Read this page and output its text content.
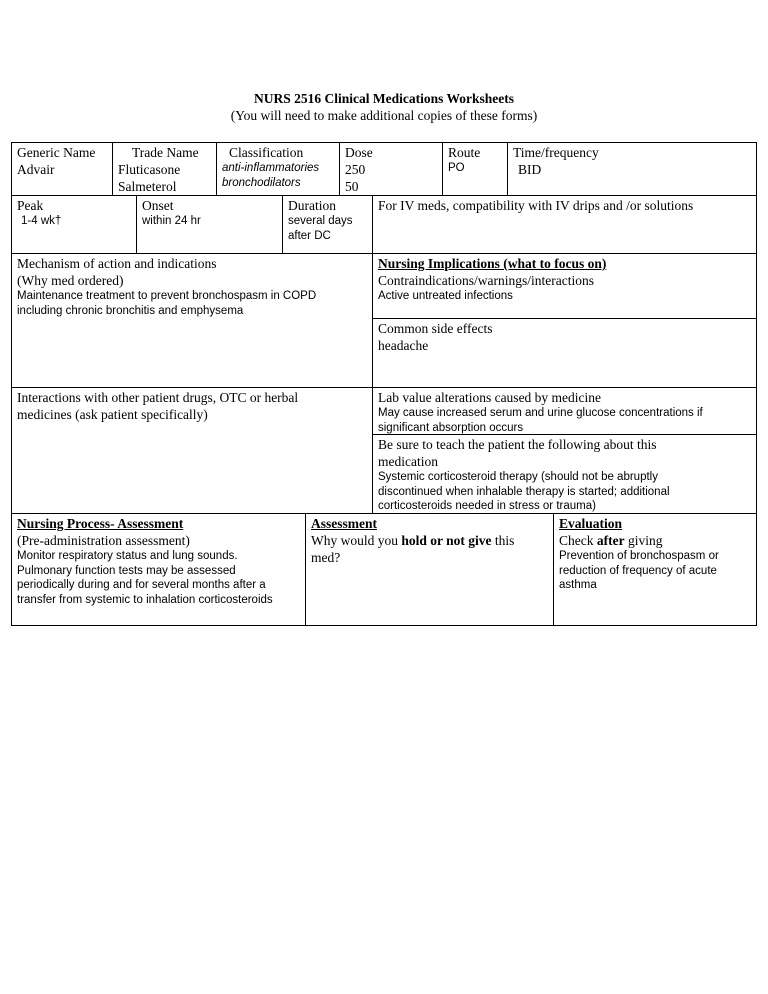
NURS 2516 Clinical Medications Worksheets
(You will need to make additional copies of these forms)
Generic Name
Advair
Trade Name
Fluticasone
Salmeterol
Classification
anti-inflammatories
bronchodilators
Dose
250
50
Route
PO
Time/frequency
BID
Peak
1-4 wk†
Onset
within 24 hr
Duration
several days
after DC
For IV meds, compatibility with IV drips and /or solutions
Mechanism of action and indications
(Why med ordered)
Maintenance treatment to prevent bronchospasm in COPD
including chronic bronchitis and emphysema
Nursing Implications (what to focus on)
Contraindications/warnings/interactions
Active untreated infections
Common side effects
headache
Interactions with other patient drugs, OTC or herbal
medicines (ask patient specifically)
Lab value alterations caused by medicine
May cause increased serum and urine glucose concentrations if
significant absorption occurs
Be sure to teach the patient the following about this
medication
Systemic corticosteroid therapy (should not be abruptly
discontinued when inhalable therapy is started; additional
corticosteroids needed in stress or trauma)
Nursing Process- Assessment
(Pre-administration assessment)
Monitor respiratory status and lung sounds.
Pulmonary function tests may be assessed
periodically during and for several months after a
transfer from systemic to inhalation corticosteroids
Assessment
Why would you hold or not give this
med?
Evaluation
Check after giving
Prevention of bronchospasm or
reduction of frequency of acute
asthma
